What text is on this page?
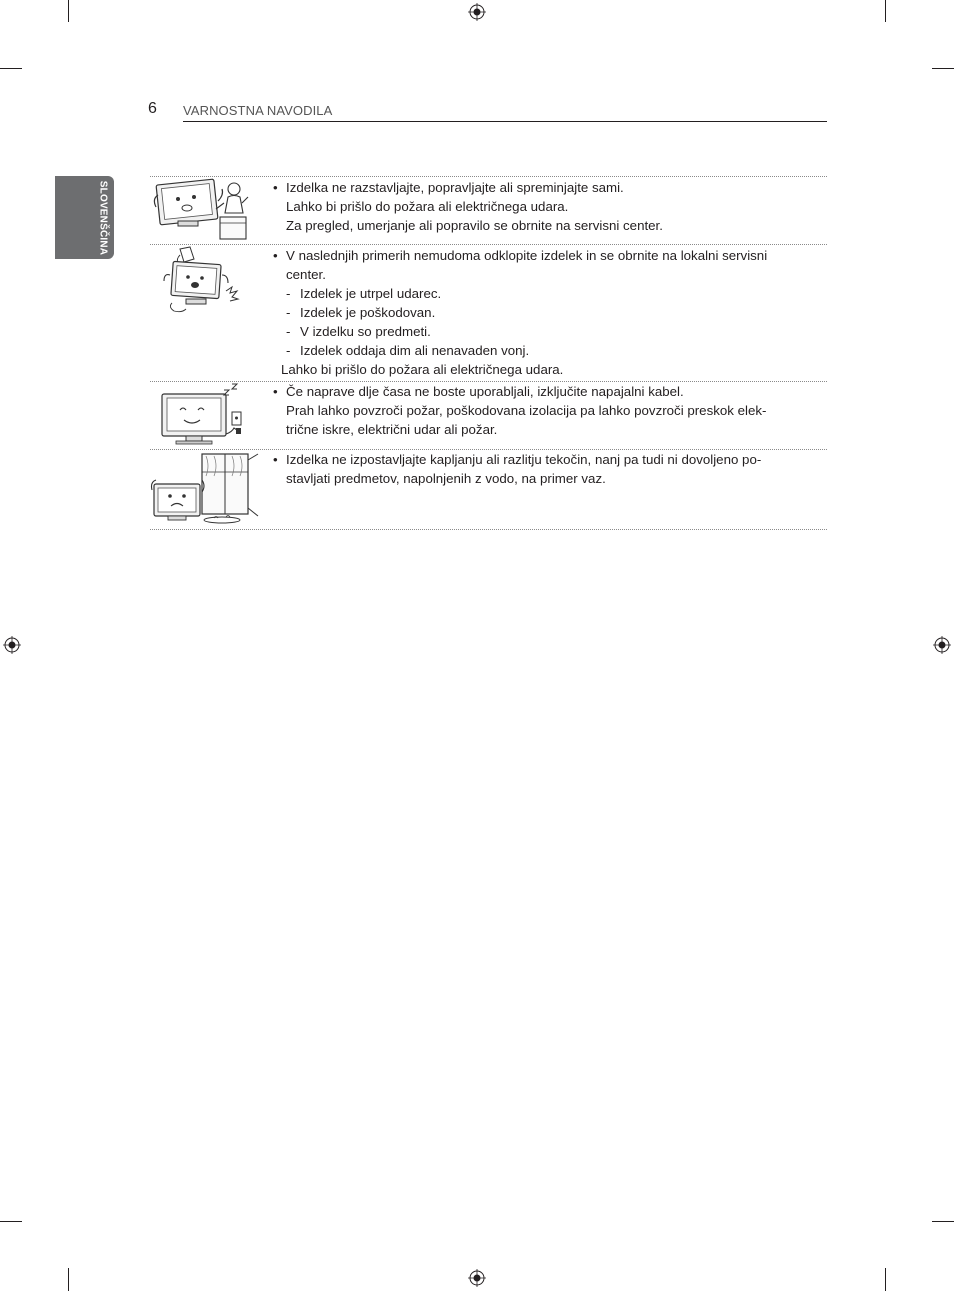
6 VARNOSTNA NAVODILA
SLOVENŠČINA	• Izdelka ne razstavljajte, popravljajte ali spreminjajte sami.
Lahko bi prišlo do požara ali električnega udara.
Za pregled, umerjanje ali popravilo se obrnite na servisni center.
• V naslednjih primerih nemudoma odklopite izdelek in se obrnite na lokalni servisni
center.
- Izdelek je utrpel udarec.
- Izdelek je poškodovan.
- V izdelku so predmeti.
- Izdelek oddaja dim ali nenavaden vonj.
Lahko bi prišlo do požara ali električnega udara.
• Če naprave dlje časa ne boste uporabljali, izključite napajalni kabel.
Prah lahko povzroči požar, poškodovana izolacija pa lahko povzroči preskok elek-
trične iskre, električni udar ali požar.
• Izdelka ne izpostavljajte kapljanju ali razlitju tekočin, nanj pa tudi ni dovoljeno po-
stavljati predmetov, napolnjenih z vodo, na primer vaz.
